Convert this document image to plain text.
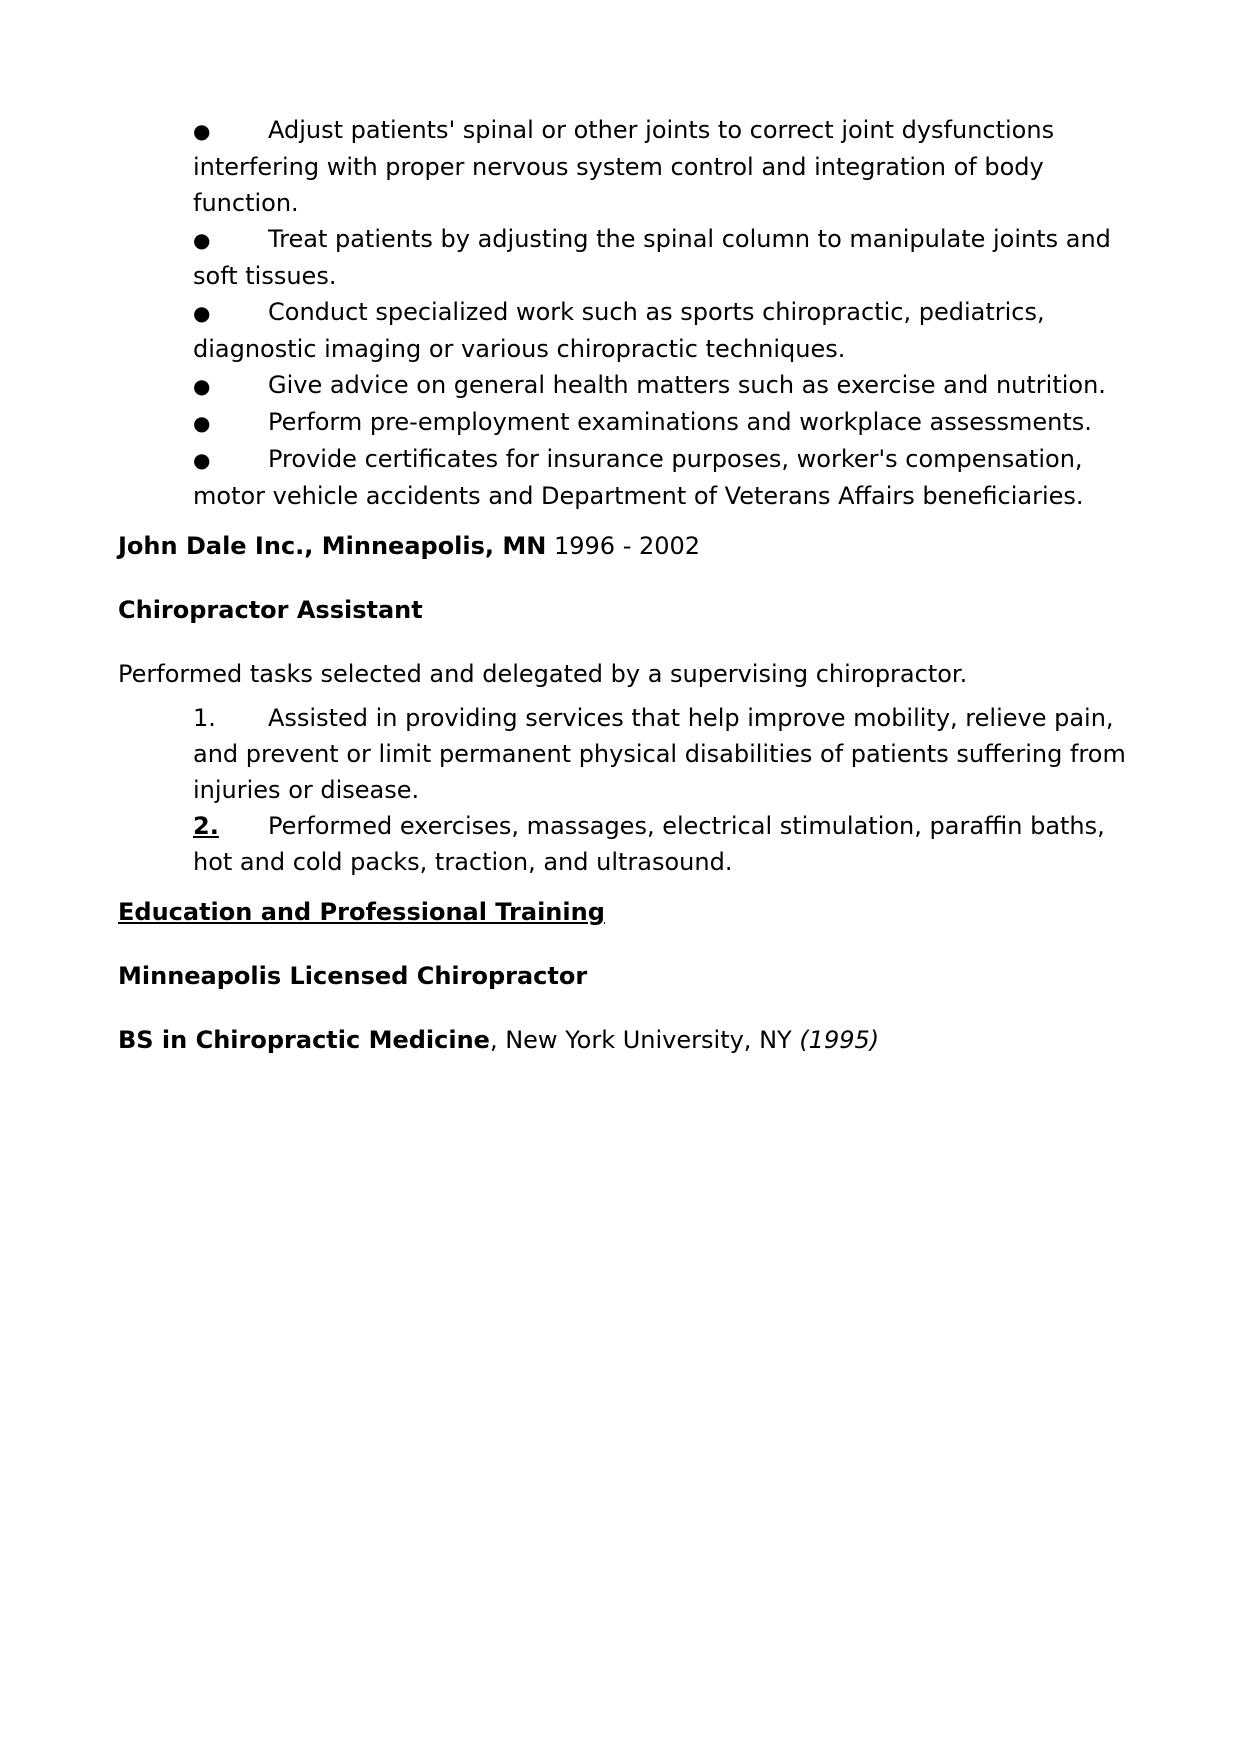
● Adjust patients' spinal or other joints to correct joint dysfunctions interfering with proper nervous system control and integration of body function.
● Treat patients by adjusting the spinal column to manipulate joints and soft tissues.
● Conduct specialized work such as sports chiropractic, pediatrics, diagnostic imaging or various chiropractic techniques.
● Give advice on general health matters such as exercise and nutrition.
● Perform pre-employment examinations and workplace assessments.
● Provide certificates for insurance purposes, worker's compensation, motor vehicle accidents and Department of Veterans Affairs beneficiaries.
John Dale Inc., Minneapolis, MN 1996 - 2002
Chiropractor Assistant
Performed tasks selected and delegated by a supervising chiropractor.
1. Assisted in providing services that help improve mobility, relieve pain, and prevent or limit permanent physical disabilities of patients suffering from injuries or disease.
2. Performed exercises, massages, electrical stimulation, paraffin baths, hot and cold packs, traction, and ultrasound.
Education and Professional Training
Minneapolis Licensed Chiropractor
BS in Chiropractic Medicine, New York University, NY (1995)
